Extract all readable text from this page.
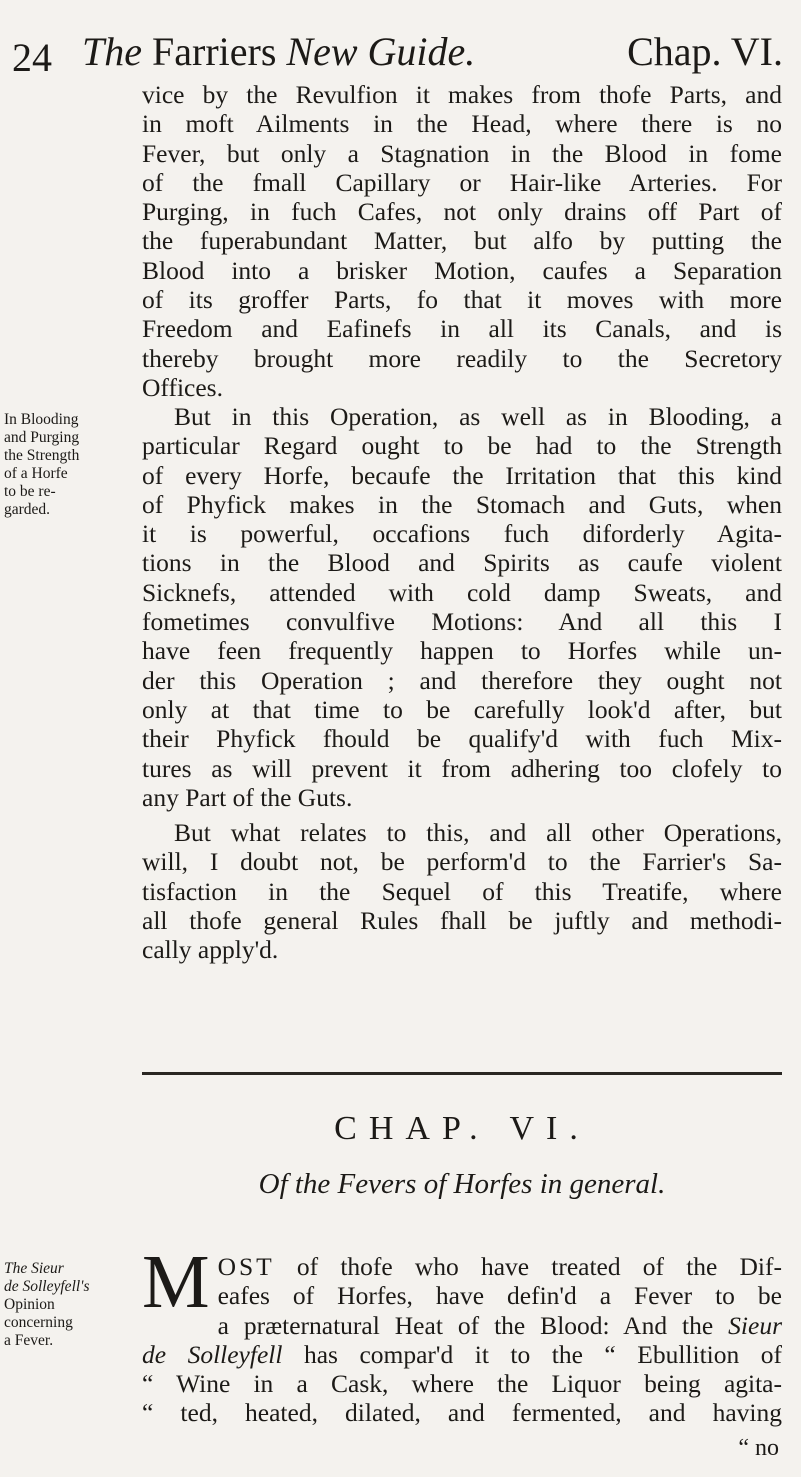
24 The Farriers New Guide.	Chap. VI.
vice by the Revulfion it makes from thofe Parts, and
in moft Ailments in the Head, where there is no
Fever, but only a Stagnation in the Blood in fome
of the fmall Capillary or Hair-like Arteries. For
Purging, in fuch Cafes, not only drains off Part of
the fuperabundant Matter, but alfo by putting the
Blood into a brisker Motion, caufes a Separation
of its groffer Parts, fo that it moves with more
Freedom and Eafinefs in all its Canals, and is
thereby brought more readily to the Secretory
Offices.
In Blooding
and Purging
the Strength
of a Horfe
to be re-
garded.
But in this Operation, as well as in Blooding, a
particular Regard ought to be had to the Strength
of every Horfe, becaufe the Irritation that this kind
of Phyfick makes in the Stomach and Guts, when
it is powerful, occafions fuch diforderly Agita-
tions in the Blood and Spirits as caufe violent
Sicknefs, attended with cold damp Sweats, and
fometimes convulfive Motions: And all this I
have feen frequently happen to Horfes while un-
der this Operation ; and therefore they ought not
only at that time to be carefully look'd after, but
their Phyfick fhould be qualify'd with fuch Mix-
tures as will prevent it from adhering too clofely to
any Part of the Guts.
But what relates to this, and all other Operations,
will, I doubt not, be perform'd to the Farrier's Sa-
tisfaction in the Sequel of this Treatife, where
all thofe general Rules fhall be juftly and methodi-
cally apply'd.
CHAP. VI.
Of the Fevers of Horfes in general.
The Sieur
de Solleyfell's
Opinion
concerning
a Fever.
M OST of thofe who have treated of the Dif-
eafes of Horfes, have defin'd a Fever to be
a præternatural Heat of the Blood: And the Sieur
de Solleyfell has compar'd it to the “ Ebullition of
“ Wine in a Cask, where the Liquor being agita-
“ ted, heated, dilated, and fermented, and having
“ no
